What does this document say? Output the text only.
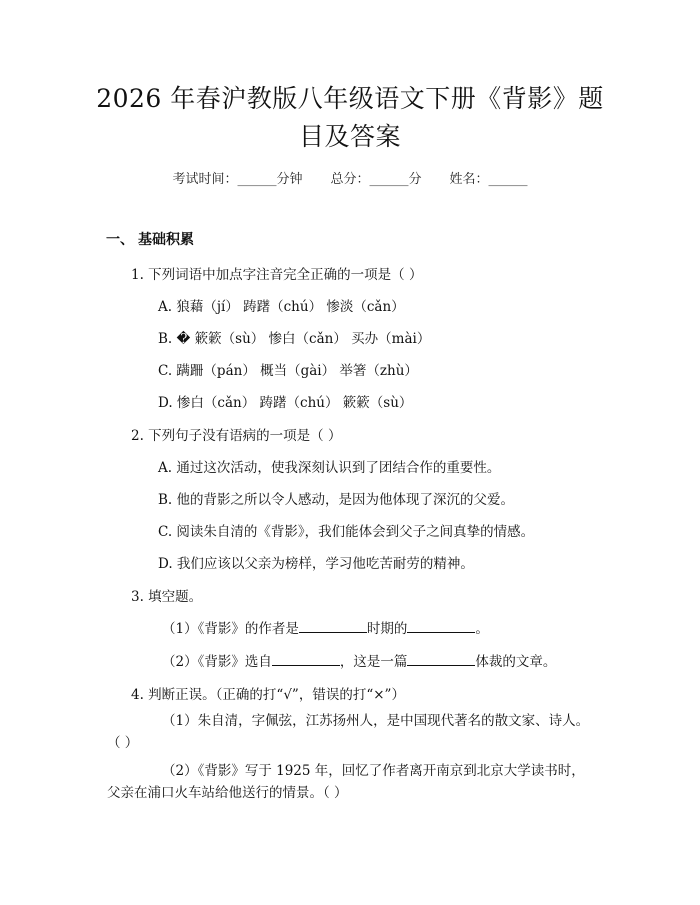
2026 年春沪教版八年级语文下册《背影》题
目及答案
考试时间：______分钟 总分：______分 姓名：______
一、 基础积累
1. 下列词语中加点字注音完全正确的一项是（ ）
A. 狼藉（jí） 踌躇（chú） 惨淡（cǎn）
B. � 簌簌（sù） 惨白（cǎn） 买办（mài）
C. 蹒跚（pán） 概当（gài） 举箸（zhù）
D. 惨白（cǎn） 踌躇（chú） 簌簌（sù）
2. 下列句子没有语病的一项是（ ）
A. 通过这次活动，使我深刻认识到了团结合作的重要性。
B. 他的背影之所以令人感动，是因为他体现了深沉的父爱。
C. 阅读朱自清的《背影》，我们能体会到父子之间真挚的情感。
D. 我们应该以父亲为榜样，学习他吃苦耐劳的精神。
3. 填空题。
（1）《背影》的作者是	时期的	。
（2）《背影》选自	，这是一篇	体裁的文章。
4. 判断正误。（正确的打“√”，错误的打“×”）
（1）朱自清，字佩弦，江苏扬州人，是中国现代著名的散文家、诗人。（ ）
（2）《背影》写于 1925 年，回忆了作者离开南京到北京大学读书时，父亲在浦口火车站给他送行的情景。（ ）
